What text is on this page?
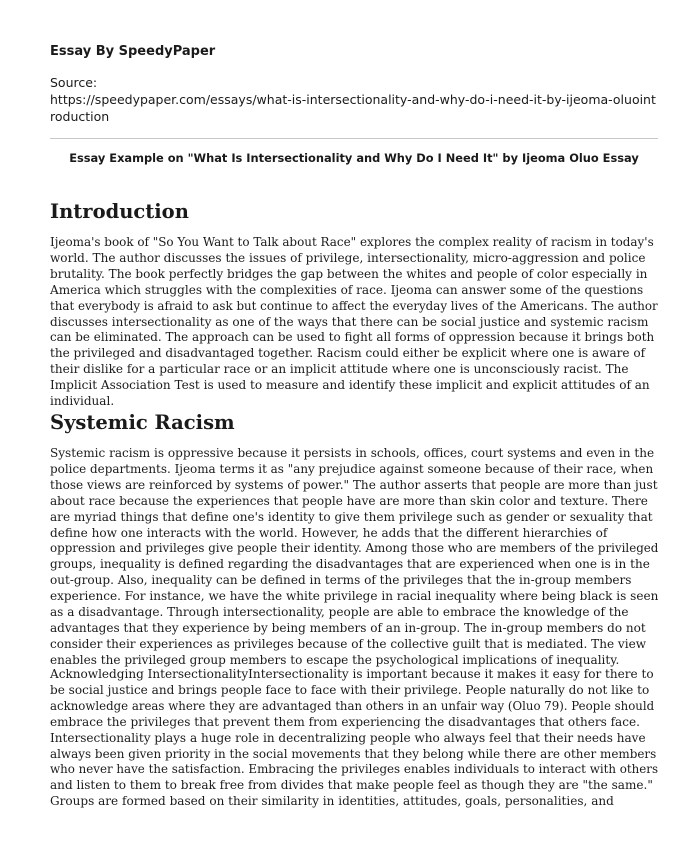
Essay By SpeedyPaper
Source:
https://speedypaper.com/essays/what-is-intersectionality-and-why-do-i-need-it-by-ijeoma-oluointroduction
Essay Example on "What Is Intersectionality and Why Do I Need It" by Ijeoma Oluo Essay
Introduction
Ijeoma's book of "So You Want to Talk about Race" explores the complex reality of racism in today's
world. The author discusses the issues of privilege, intersectionality, micro-aggression and police
brutality. The book perfectly bridges the gap between the whites and people of color especially in
America which struggles with the complexities of race. Ijeoma can answer some of the questions
that everybody is afraid to ask but continue to affect the everyday lives of the Americans. The author
discusses intersectionality as one of the ways that there can be social justice and systemic racism
can be eliminated. The approach can be used to fight all forms of oppression because it brings both
the privileged and disadvantaged together. Racism could either be explicit where one is aware of
their dislike for a particular race or an implicit attitude where one is unconsciously racist. The
Implicit Association Test is used to measure and identify these implicit and explicit attitudes of an
individual.
Systemic Racism
Systemic racism is oppressive because it persists in schools, offices, court systems and even in the
police departments. Ijeoma terms it as "any prejudice against someone because of their race, when
those views are reinforced by systems of power." The author asserts that people are more than just
about race because the experiences that people have are more than skin color and texture. There
are myriad things that define one's identity to give them privilege such as gender or sexuality that
define how one interacts with the world. However, he adds that the different hierarchies of
oppression and privileges give people their identity. Among those who are members of the privileged
groups, inequality is defined regarding the disadvantages that are experienced when one is in the
out-group. Also, inequality can be defined in terms of the privileges that the in-group members
experience. For instance, we have the white privilege in racial inequality where being black is seen
as a disadvantage. Through intersectionality, people are able to embrace the knowledge of the
advantages that they experience by being members of an in-group. The in-group members do not
consider their experiences as privileges because of the collective guilt that is mediated. The view
enables the privileged group members to escape the psychological implications of inequality.
Acknowledging IntersectionalityIntersectionality is important because it makes it easy for there to
be social justice and brings people face to face with their privilege. People naturally do not like to
acknowledge areas where they are advantaged than others in an unfair way (Oluo 79). People should
embrace the privileges that prevent them from experiencing the disadvantages that others face.
Intersectionality plays a huge role in decentralizing people who always feel that their needs have
always been given priority in the social movements that they belong while there are other members
who never have the satisfaction. Embracing the privileges enables individuals to interact with others
and listen to them to break free from divides that make people feel as though they are "the same."
Groups are formed based on their similarity in identities, attitudes, goals, personalities, and
